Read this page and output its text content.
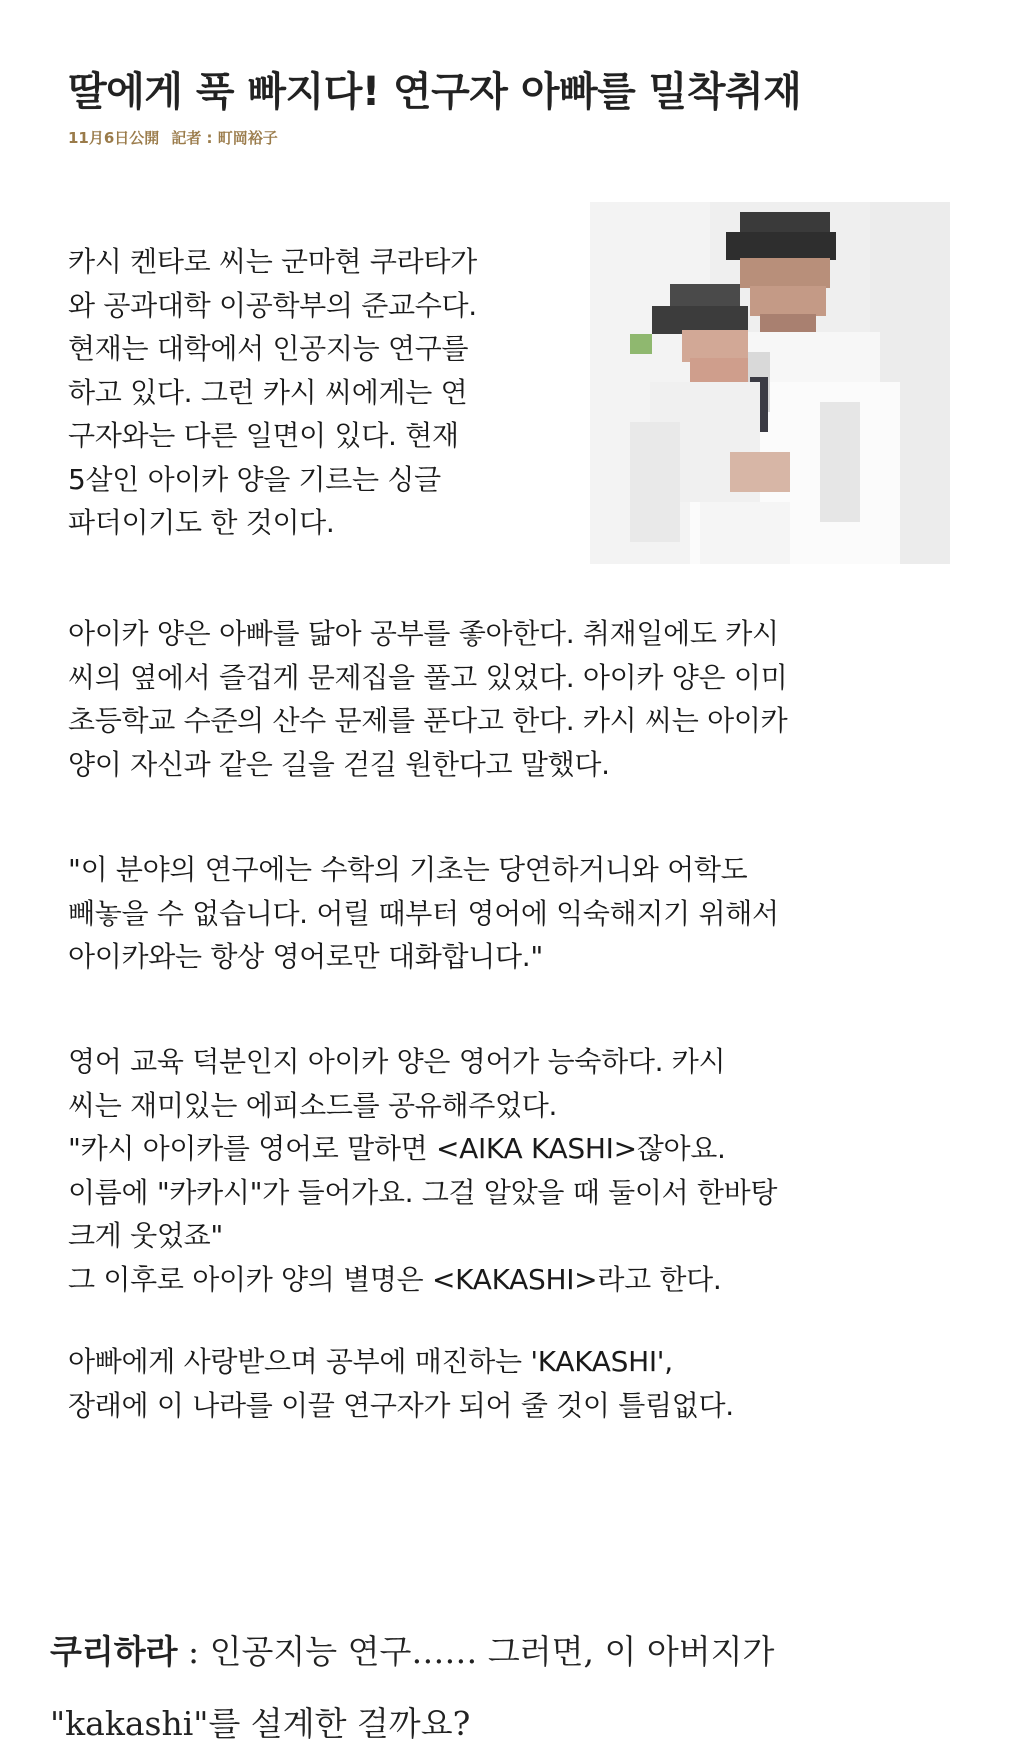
딸에게 푹 빠지다! 연구자 아빠를 밀착취재
11月6日公開 記者 : 町岡裕子

카시 켄타로 씨는 군마현 쿠라타가
와 공과대학 이공학부의 준교수다.
현재는 대학에서 인공지능 연구를
하고 있다. 그런 카시 씨에게는 연
구자와는 다른 일면이 있다. 현재
5살인 아이카 양을 기르는 싱글
파더이기도 한 것이다.

아이카 양은 아빠를 닮아 공부를 좋아한다. 취재일에도 카시
씨의 옆에서 즐겁게 문제집을 풀고 있었다. 아이카 양은 이미
초등학교 수준의 산수 문제를 푼다고 한다. 카시 씨는 아이카
양이 자신과 같은 길을 걷길 원한다고 말했다.

"이 분야의 연구에는 수학의 기초는 당연하거니와 어학도
빼놓을 수 없습니다. 어릴 때부터 영어에 익숙해지기 위해서
아이카와는 항상 영어로만 대화합니다."

영어 교육 덕분인지 아이카 양은 영어가 능숙하다. 카시
씨는 재미있는 에피소드를 공유해주었다.
"카시 아이카를 영어로 말하면 <AIKA KASHI>잖아요.
이름에 "카카시"가 들어가요. 그걸 알았을 때 둘이서 한바탕
크게 웃었죠"
그 이후로 아이카 양의 별명은 <KAKASHI>라고 한다.

아빠에게 사랑받으며 공부에 매진하는 'KAKASHI',
장래에 이 나라를 이끌 연구자가 되어 줄 것이 틀림없다.

쿠리하라 : 인공지능 연구…… 그러면, 이 아버지가
"kakashi"를 설계한 걸까요?
